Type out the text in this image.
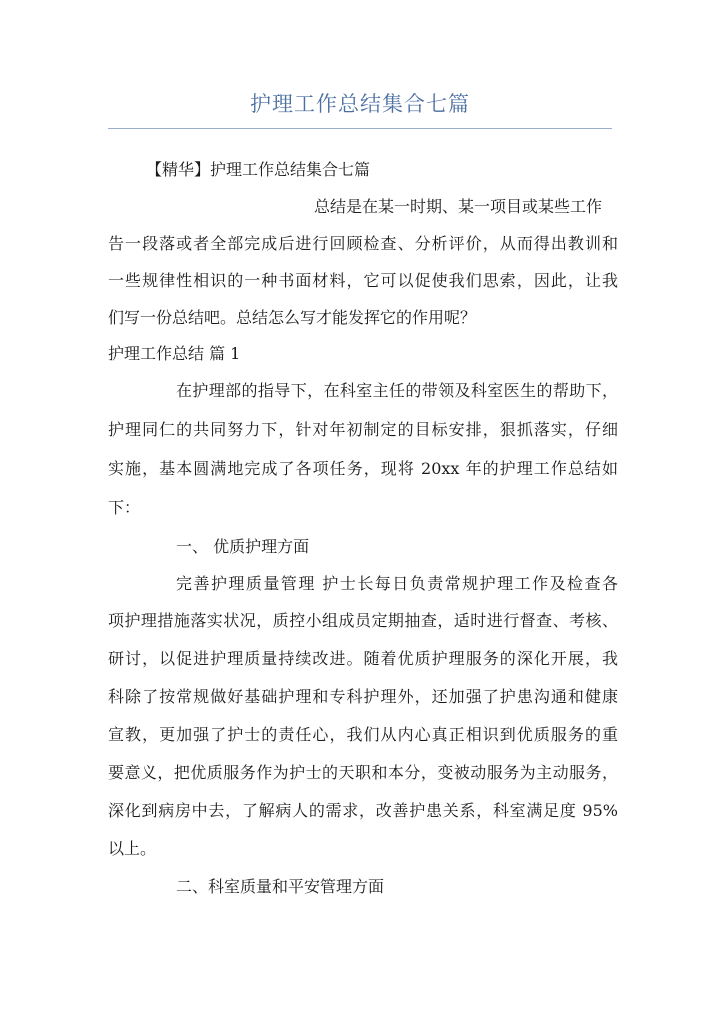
护理工作总结集合七篇
【精华】护理工作总结集合七篇
总结是在某一时期、某一项目或某些工作
告一段落或者全部完成后进行回顾检查、分析评价，从而得出教训和
一些规律性相识的一种书面材料，它可以促使我们思索，因此，让我
们写一份总结吧。总结怎么写才能发挥它的作用呢？
护理工作总结 篇 1
在护理部的指导下，在科室主任的带领及科室医生的帮助下，
护理同仁的共同努力下，针对年初制定的目标安排，狠抓落实，仔细
实施，基本圆满地完成了各项任务，现将 20xx 年的护理工作总结如
下：
一、 优质护理方面
完善护理质量管理 护士长每日负责常规护理工作及检查各
项护理措施落实状况，质控小组成员定期抽查，适时进行督查、考核、
研讨，以促进护理质量持续改进。随着优质护理服务的深化开展，我
科除了按常规做好基础护理和专科护理外，还加强了护患沟通和健康
宣教，更加强了护士的责任心，我们从内心真正相识到优质服务的重
要意义，把优质服务作为护士的天职和本分，变被动服务为主动服务，
深化到病房中去，了解病人的需求，改善护患关系，科室满足度 95%
以上。
二、科室质量和平安管理方面
